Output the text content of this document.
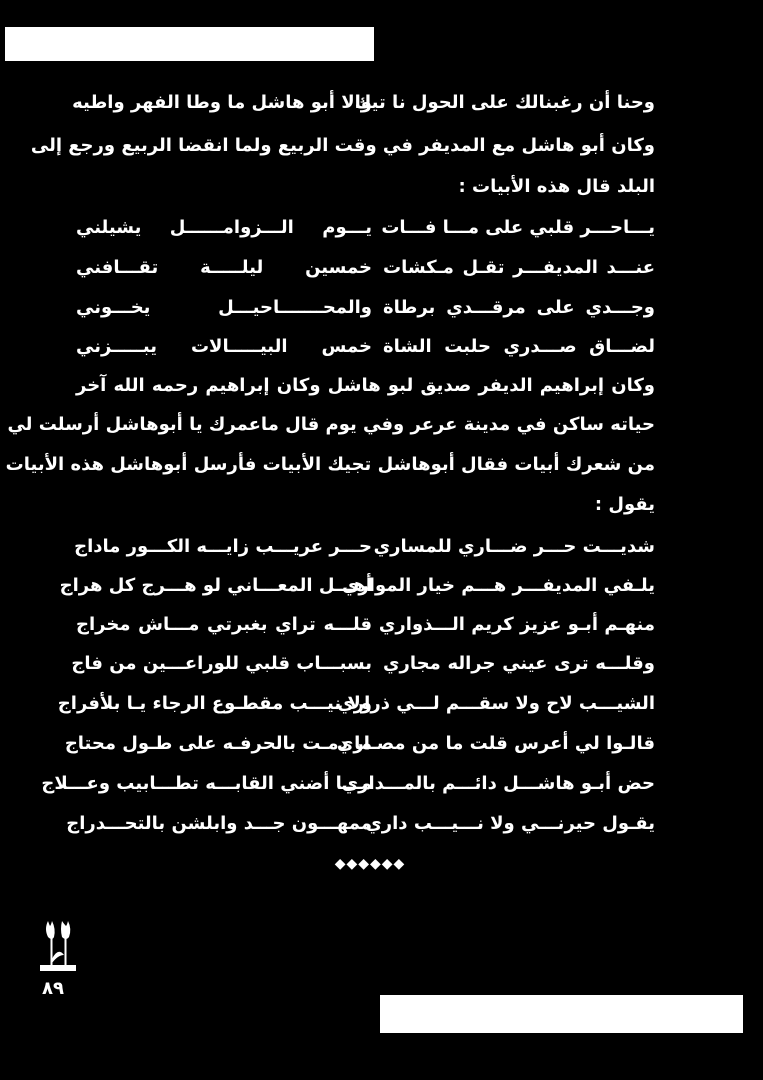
وحنا أن رغبنالك على الحول نا تيك
والا أبو هاشل ما وطا الفهر واطيه
وكان أبو هاشل مع المديفر في وقت الربيع ولما انقضا الربيع ورجع إلى
البلد قال هذه الأبيات :
يـــاحـــر قلبي على مـــا فـــات
يـــوم الـــزوامــــــل يشيلني
عنـــد المديفـــر تقـل مـكشات
خمسين ليلـــــة تقـــافني
وجـــدي على مرقـــدي برطاة
والمحـــــــاحيـــل يخـــوني
لضـــاق صـــدري حلبت الشاة
خمس البيـــــالات يبـــــزني
وكان إبراهيم الديفر صديق لبو هاشل وكان إبراهيم رحمه الله آخر
حياته ساكن في مدينة عرعر وفي يوم قال ماعمرك يا أبوهاشل أرسلت لي
من شعرك أبيات فقال أبوهاشل تجيك الأبيات فأرسل أبوهاشل هذه الأبيات
يقول :
شديـــت حـــر ضـــاري للمساري
حـــر عريـــب زايـــه الكـــور ماداج
يلـفي المديفـــر هـــم خيار المواري
أهـــل المعـــاني لو هـــرج كل هراج
منهـم أبـو عزيز كريم الـــذواري
قلـــه تراي بغبرتي مـــاش مخراج
وقلـــه ترى عيني جراله مجاري
بسبـــاب قلبي للوراعـــين من فاج
الشيـــب لاح ولا سقـــم لـــي ذراري
ولا نيـــب مقطـوع الرجاء يـا بلأفراج
قالـوا لي أعرس قلت ما من مصـاري
ما دمـت بالحرفـه على طـول محتاج
حض أبـو هاشـــل دائـــم بالمـــداري
مـــا أضني القابـــه تطـــابيب وعـــلاج
يقـول حيرنـــي ولا نـــيـــب داري
ممهـــون جـــد وابلشن بالتحـــدراج
◆◆◆◆◆◆
٨٩
